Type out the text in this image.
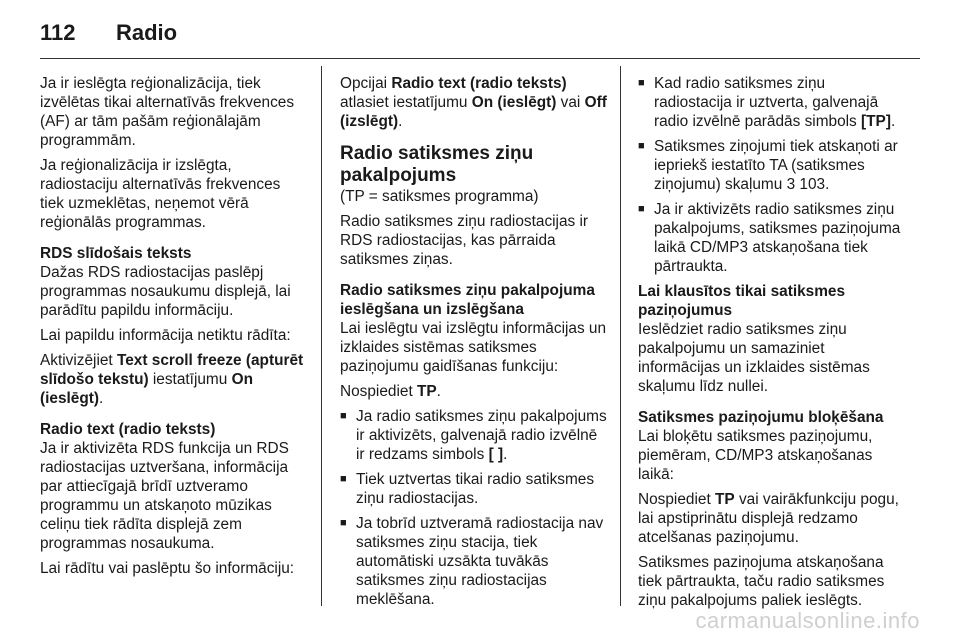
112 Radio

Ja ir ieslēgta reģionalizācija, tiek izvēlētas tikai alternatīvās frekvences (AF) ar tām pašām reģionālajām programmām.

Ja reģionalizācija ir izslēgta, radiostaciju alternatīvās frekvences tiek uzmeklētas, neņemot vērā reģionālās programmas.

RDS slīdošais teksts

Dažas RDS radiostacijas paslēpj programmas nosaukumu displejā, lai parādītu papildu informāciju.

Lai papildu informācija netiktu rādīta:

Aktivizējiet Text scroll freeze (apturēt slīdošo tekstu) iestatījumu On (ieslēgt).

Radio text (radio teksts)

Ja ir aktivizēta RDS funkcija un RDS radiostacijas uztveršana, informācija par attiecīgajā brīdī uztveramo programmu un atskaņoto mūzikas celiņu tiek rādīta displejā zem programmas nosaukuma.

Lai rādītu vai paslēptu šo informāciju:

Opcijai Radio text (radio teksts) atlasiet iestatījumu On (ieslēgt) vai Off (izslēgt).

Radio satiksmes ziņu pakalpojums

(TP = satiksmes programma)

Radio satiksmes ziņu radiostacijas ir RDS radiostacijas, kas pārraida satiksmes ziņas.

Radio satiksmes ziņu pakalpojuma ieslēgšana un izslēgšana

Lai ieslēgtu vai izslēgtu informācijas un izklaides sistēmas satiksmes paziņojumu gaidīšanas funkciju:

Nospiediet TP.

■ Ja radio satiksmes ziņu pakalpojums ir aktivizēts, galvenajā radio izvēlnē ir redzams simbols [ ].
■ Tiek uztvertas tikai radio satiksmes ziņu radiostacijas.
■ Ja tobrīd uztveramā radiostacija nav satiksmes ziņu stacija, tiek automātiski uzsākta tuvākās satiksmes ziņu radiostacijas meklēšana.
■ Kad radio satiksmes ziņu radiostacija ir uztverta, galvenajā radio izvēlnē parādās simbols [TP].
■ Satiksmes ziņojumi tiek atskaņoti ar iepriekš iestatīto TA (satiksmes ziņojumu) skaļumu 3 103.
■ Ja ir aktivizēts radio satiksmes ziņu pakalpojums, satiksmes paziņojuma laikā CD/MP3 atskaņošana tiek pārtraukta.

Lai klausītos tikai satiksmes paziņojumus

Ieslēdziet radio satiksmes ziņu pakalpojumu un samaziniet informācijas un izklaides sistēmas skaļumu līdz nullei.

Satiksmes paziņojumu bloķēšana

Lai bloķētu satiksmes paziņojumu, piemēram, CD/MP3 atskaņošanas laikā:

Nospiediet TP vai vairākfunkciju pogu, lai apstiprinātu displejā redzamo atcelšanas paziņojumu.

Satiksmes paziņojuma atskaņošana tiek pārtraukta, taču radio satiksmes ziņu pakalpojums paliek ieslēgts.

carmanualsonline.info
